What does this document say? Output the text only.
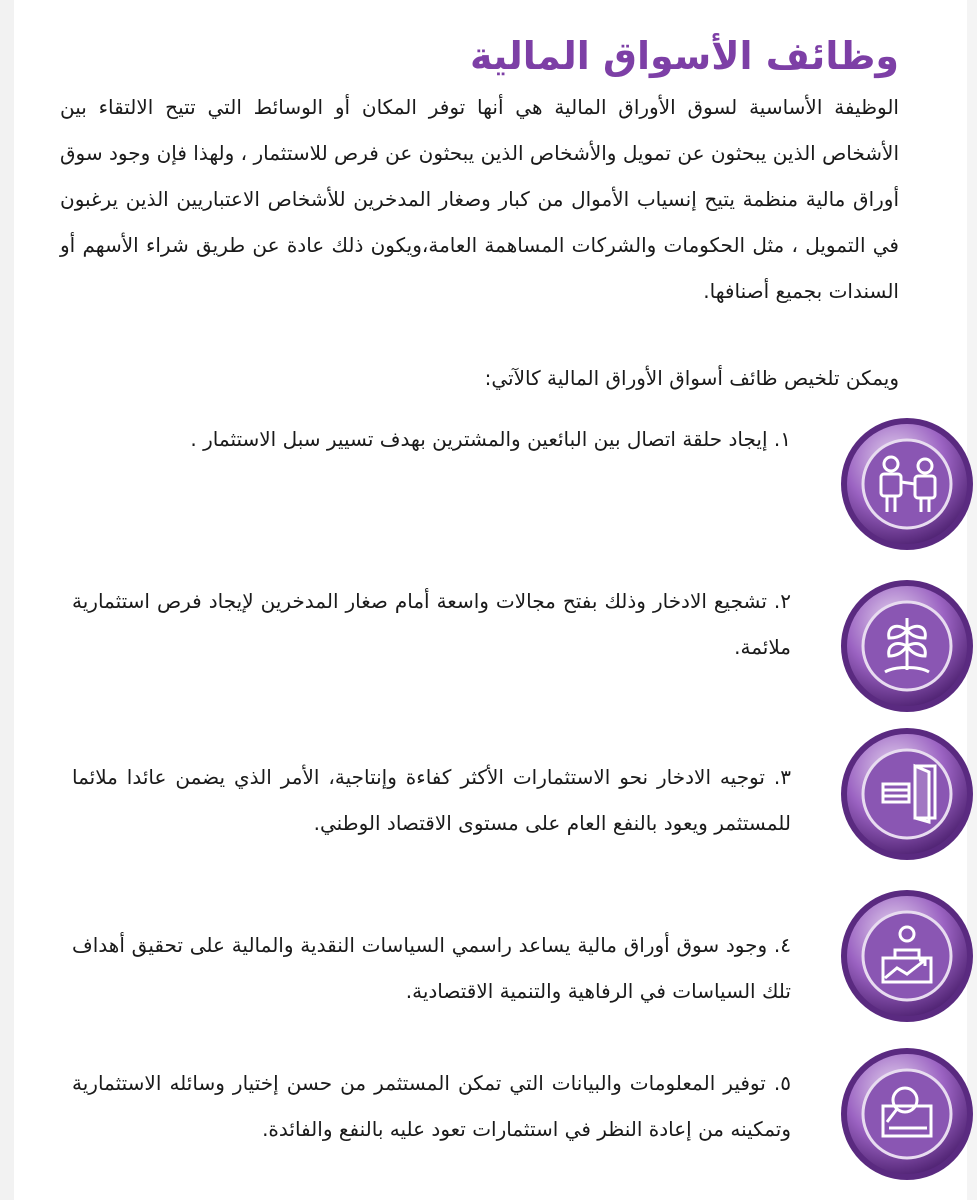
وظائف الأسواق المالية

الوظيفة الأساسية لسوق الأوراق المالية هي أنها توفر المكان أو الوسائط التي تتيح الالتقاء بين الأشخاص الذين يبحثون عن تمويل والأشخاص الذين يبحثون عن فرص للاستثمار ، ولهذا فإن وجود سوق أوراق مالية منظمة يتيح إنسياب الأموال من كبار وصغار المدخرين للأشخاص الاعتباريين الذين يرغبون في التمويل ، مثل الحكومات والشركات المساهمة العامة،ويكون ذلك عادة عن طريق شراء الأسهم أو السندات بجميع أصنافها.

ويمكن تلخيص ظائف أسواق الأوراق المالية كالآتي:

١. إيجاد حلقة اتصال بين البائعين والمشترين بهدف تسيير سبل الاستثمار .

٢. تشجيع الادخار وذلك بفتح مجالات واسعة أمام صغار المدخرين لإيجاد فرص استثمارية ملائمة.

٣. توجيه الادخار نحو الاستثمارات الأكثر كفاءة وإنتاجية، الأمر الذي يضمن عائدا ملائما للمستثمر ويعود بالنفع العام على مستوى الاقتصاد الوطني.

٤. وجود سوق أوراق مالية يساعد راسمي السياسات النقدية والمالية على تحقيق أهداف تلك السياسات في الرفاهية والتنمية الاقتصادية.

٥. توفير المعلومات والبيانات التي تمكن المستثمر من حسن إختيار وسائله الاستثمارية وتمكينه من إعادة النظر في استثمارات تعود عليه بالنفع والفائدة.
